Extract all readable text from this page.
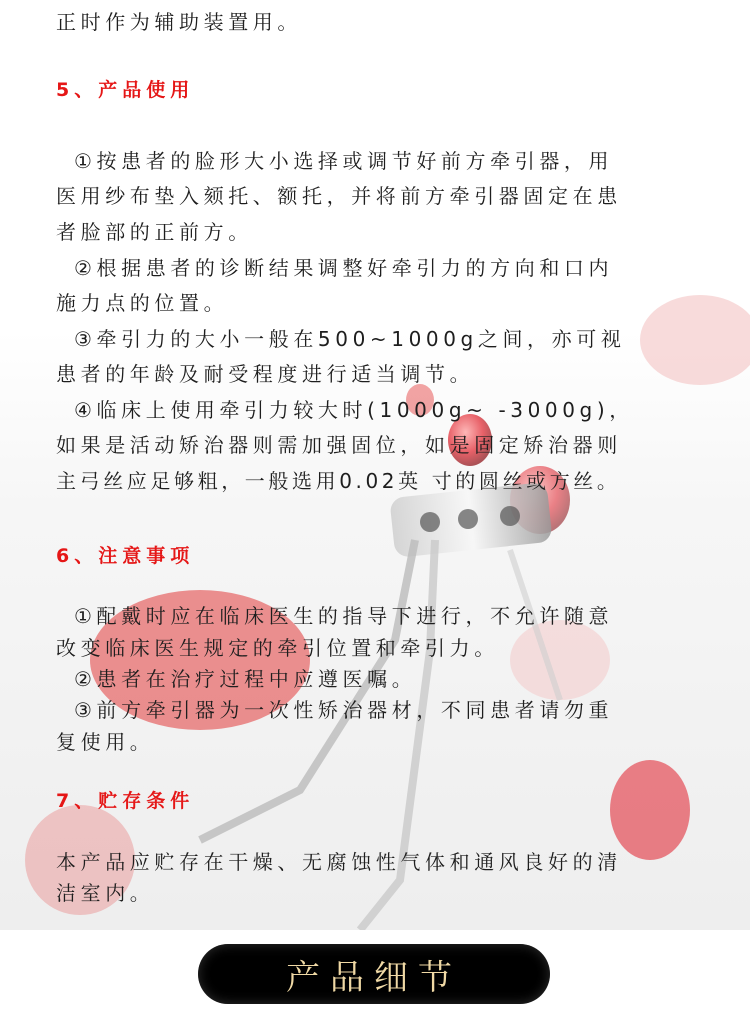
正时作为辅助装置用。
5、产品使用
①按患者的脸形大小选择或调节好前方牵引器，用
医用纱布垫入颏托、额托，并将前方牵引器固定在患
者脸部的正前方。
②根据患者的诊断结果调整好牵引力的方向和口内
施力点的位置。
③牵引力的大小一般在500~1000g之间，亦可视
患者的年龄及耐受程度进行适当调节。
④临床上使用牵引力较大时(1000g~ -3000g)，
如果是活动矫治器则需加强固位，如是固定矫治器则
主弓丝应足够粗，一般选用0.02英 寸的圆丝或方丝。
6、注意事项
①配戴时应在临床医生的指导下进行，不允许随意
改变临床医生规定的牵引位置和牵引力。
②患者在治疗过程中应遵医嘱。
③前方牵引器为一次性矫治器材，不同患者请勿重
复使用。
7、贮存条件
本产品应贮存在干燥、无腐蚀性气体和通风良好的清
洁室内。
产品细节
